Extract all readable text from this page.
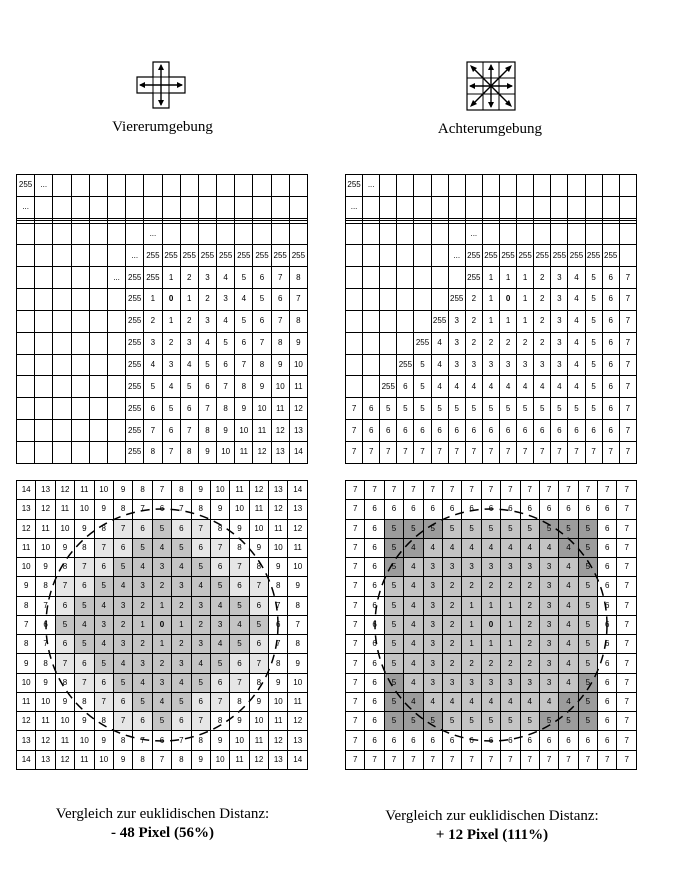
Viererumgebung	Achterumgebung
255	...														
...															

							...								
						...	255	255	255	255	255	255	255	255	255
					...	255	255	1	2	3	4	5	6	7	8
						255	1	0	1	2	3	4	5	6	7
						255	2	1	2	3	4	5	6	7	8
						255	3	2	3	4	5	6	7	8	9
						255	4	3	4	5	6	7	8	9	10
						255	5	4	5	6	7	8	9	10	11
						255	6	5	6	7	8	9	10	11	12
						255	7	6	7	8	9	10	11	12	13
						255	8	7	8	9	10	11	12	13	14
255	...															
...																

							...									
						...	255	255	255	255	255	255	255	255	255	
							255	1	1	1	2	3	4	5	6	7
						255	2	1	0	1	2	3	4	5	6	7
					255	3	2	1	1	1	2	3	4	5	6	7
				255	4	3	2	2	2	2	2	3	4	5	6	7
			255	5	4	3	3	3	3	3	3	3	4	5	6	7
		255	6	5	4	4	4	4	4	4	4	4	4	5	6	7
7	6	5	5	5	5	5	5	5	5	5	5	5	5	5	6	7
7	6	6	6	6	6	6	6	6	6	6	6	6	6	6	6	7
7	7	7	7	7	7	7	7	7	7	7	7	7	7	7	7	7
14	13	12	11	10	9	8	7	8	9	10	11	12	13	14
13	12	11	10	9	8	7	6	7	8	9	10	11	12	13
12	11	10	9	8	7	6	5	6	7	8	9	10	11	12
11	10	9	8	7	6	5	4	5	6	7	8	9	10	11
10	9	8	7	6	5	4	3	4	5	6	7	8	9	10
9	8	7	6	5	4	3	2	3	4	5	6	7	8	9
8	7	6	5	4	3	2	1	2	3	4	5	6	7	8
7	6	5	4	3	2	1	0	1	2	3	4	5	6	7
8	7	6	5	4	3	2	1	2	3	4	5	6	7	8
9	8	7	6	5	4	3	2	3	4	5	6	7	8	9
10	9	8	7	6	5	4	3	4	5	6	7	8	9	10
11	10	9	8	7	6	5	4	5	6	7	8	9	10	11
12	11	10	9	8	7	6	5	6	7	8	9	10	11	12
13	12	11	10	9	8	7	6	7	8	9	10	11	12	13
14	13	12	11	10	9	8	7	8	9	10	11	12	13	14
7	7	7	7	7	7	7	7	7	7	7	7	7	7	7
7	6	6	6	6	6	6	6	6	6	6	6	6	6	7
7	6	5	5	5	5	5	5	5	5	5	5	5	6	7
7	6	5	4	4	4	4	4	4	4	4	4	5	6	7
7	6	5	4	3	3	3	3	3	3	3	4	5	6	7
7	6	5	4	3	2	2	2	2	2	3	4	5	6	7
7	6	5	4	3	2	1	1	1	2	3	4	5	6	7
7	6	5	4	3	2	1	0	1	2	3	4	5	6	7
7	6	5	4	3	2	1	1	1	2	3	4	5	6	7
7	6	5	4	3	2	2	2	2	2	3	4	5	6	7
7	6	5	4	3	3	3	3	3	3	3	4	5	6	7
7	6	5	4	4	4	4	4	4	4	4	4	5	6	7
7	6	5	5	5	5	5	5	5	5	5	5	5	6	7
7	6	6	6	6	6	6	6	6	6	6	6	6	6	7
7	7	7	7	7	7	7	7	7	7	7	7	7	7	7
Vergleich zur euklidischen Distanz:
- 48 Pixel (56%)
Vergleich zur euklidischen Distanz:
+ 12 Pixel (111%)
